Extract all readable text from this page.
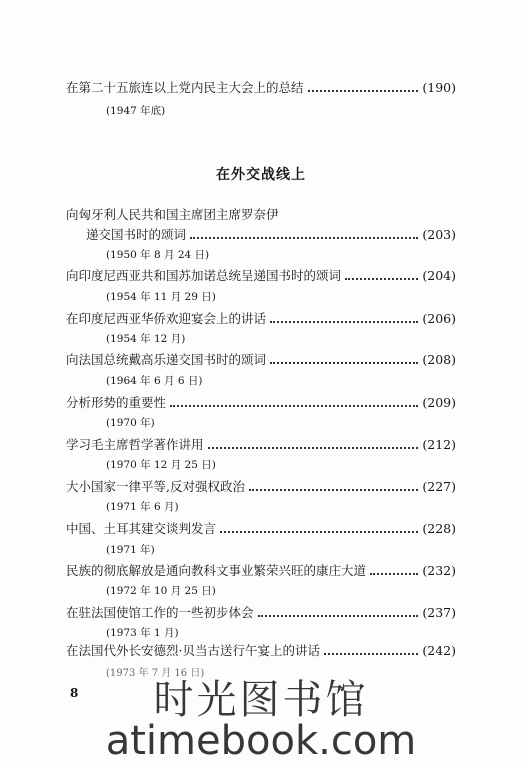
在第二十五旅连以上党内民主大会上的总结	(190)
(1947 年底)
在外交战线上
向匈牙利人民共和国主席团主席罗奈伊
递交国书时的颂词	(203)
(1950 年 8 月 24 日)
向印度尼西亚共和国苏加诺总统呈递国书时的颂词	(204)
(1954 年 11 月 29 日)
在印度尼西亚华侨欢迎宴会上的讲话	(206)
(1954 年 12 月)
向法国总统戴高乐递交国书时的颂词	(208)
(1964 年 6 月 6 日)
分析形势的重要性	(209)
(1970 年)
学习毛主席哲学著作讲用	(212)
(1970 年 12 月 25 日)
大小国家一律平等,反对强权政治	(227)
(1971 年 6 月)
中国、土耳其建交谈判发言	(228)
(1971 年)
民族的彻底解放是通向教科文事业繁荣兴旺的康庄大道	(232)
(1972 年 10 月 25 日)
在驻法国使馆工作的一些初步体会	(237)
(1973 年 1 月)
在法国代外长安德烈·贝当古送行午宴上的讲话	(242)
(1973 年 7 月 16 日)
8	时光图书馆
atimebook.com
